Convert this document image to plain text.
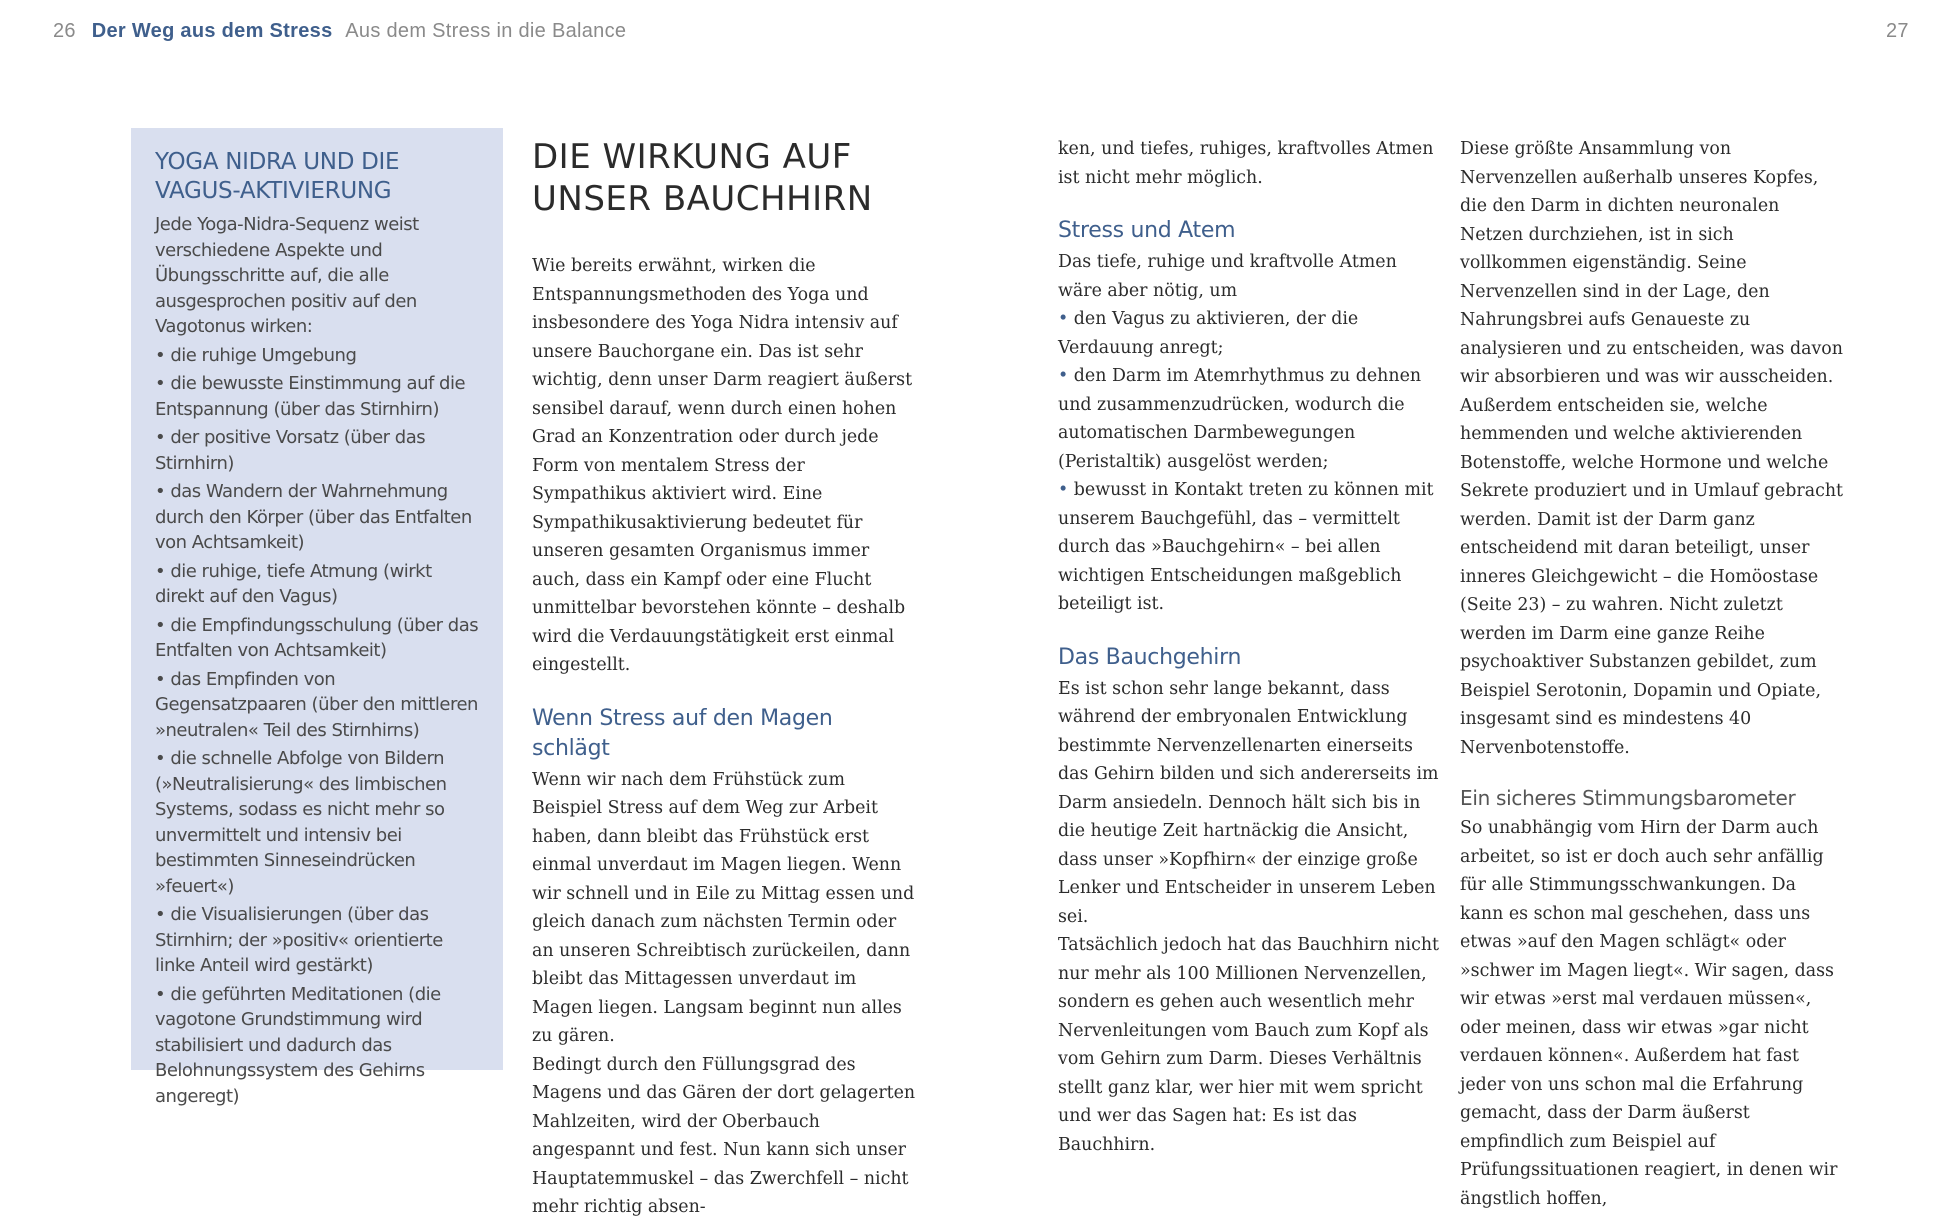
26 Der Weg aus dem Stress Aus dem Stress in die Balance	27
YOGA NIDRA UND DIE
VAGUS-AKTIVIERUNG

Jede Yoga-Nidra-Sequenz weist verschiedene Aspekte und Übungsschritte auf, die alle ausgesprochen positiv auf den Vagotonus wirken:

• die ruhige Umgebung
• die bewusste Einstimmung auf die Entspannung (über das Stirnhirn)
• der positive Vorsatz (über das Stirnhirn)
• das Wandern der Wahrnehmung durch den Körper (über das Entfalten von Achtsamkeit)
• die ruhige, tiefe Atmung (wirkt direkt auf den Vagus)
• die Empfindungsschulung (über das Entfalten von Achtsamkeit)
• das Empfinden von Gegensatzpaaren (über den mittleren »neutralen« Teil des Stirnhirns)
• die schnelle Abfolge von Bildern (»Neutralisierung« des limbischen Systems, sodass es nicht mehr so unvermittelt und intensiv bei bestimmten Sinneseindrücken »feuert«)
• die Visualisierungen (über das Stirnhirn; der »positiv« orientierte linke Anteil wird gestärkt)
• die geführten Meditationen (die vagotone Grundstimmung wird stabilisiert und dadurch das Belohnungssystem des Gehirns angeregt)
DIE WIRKUNG AUF
UNSER BAUCHHIRN

Wie bereits erwähnt, wirken die Entspannungsmethoden des Yoga und insbesondere des Yoga Nidra intensiv auf unsere Bauchorgane ein. Das ist sehr wichtig, denn unser Darm reagiert äußerst sensibel darauf, wenn durch einen hohen Grad an Konzentration oder durch jede Form von mentalem Stress der Sympathikus aktiviert wird. Eine Sympathikusaktivierung bedeutet für unseren gesamten Organismus immer auch, dass ein Kampf oder eine Flucht unmittelbar bevorstehen könnte – deshalb wird die Verdauungstätigkeit erst einmal eingestellt.

Wenn Stress auf den Magen schlägt

Wenn wir nach dem Frühstück zum Beispiel Stress auf dem Weg zur Arbeit haben, dann bleibt das Frühstück erst einmal unverdaut im Magen liegen. Wenn wir schnell und in Eile zu Mittag essen und gleich danach zum nächsten Termin oder an unseren Schreibtisch zurückeilen, dann bleibt das Mittagessen unverdaut im Magen liegen. Langsam beginnt nun alles zu gären.

Bedingt durch den Füllungsgrad des Magens und das Gären der dort gelagerten Mahlzeiten, wird der Oberbauch angespannt und fest. Nun kann sich unser Hauptatemmuskel – das Zwerchfell – nicht mehr richtig absen-

ken, und tiefes, ruhiges, kraftvolles Atmen ist nicht mehr möglich.

Stress und Atem

Das tiefe, ruhige und kraftvolle Atmen wäre aber nötig, um

• den Vagus zu aktivieren, der die Verdauung anregt;

• den Darm im Atemrhythmus zu dehnen und zusammenzudrücken, wodurch die automatischen Darmbewegungen (Peristaltik) ausgelöst werden;

• bewusst in Kontakt treten zu können mit unserem Bauchgefühl, das – vermittelt durch das »Bauchgehirn« – bei allen wichtigen Entscheidungen maßgeblich beteiligt ist.

Das Bauchgehirn

Es ist schon sehr lange bekannt, dass während der embryonalen Entwicklung bestimmte Nervenzellenarten einerseits das Gehirn bilden und sich andererseits im Darm ansiedeln. Dennoch hält sich bis in die heutige Zeit hartnäckig die Ansicht, dass unser »Kopfhirn« der einzige große Lenker und Entscheider in unserem Leben sei.

Tatsächlich jedoch hat das Bauchhirn nicht nur mehr als 100 Millionen Nervenzellen, sondern es gehen auch wesentlich mehr Nervenleitungen vom Bauch zum Kopf als vom Gehirn zum Darm. Dieses Verhältnis stellt ganz klar, wer hier mit wem spricht und wer das Sagen hat: Es ist das Bauchhirn.

Diese größte Ansammlung von Nervenzellen außerhalb unseres Kopfes, die den Darm in dichten neuronalen Netzen durchziehen, ist in sich vollkommen eigenständig. Seine Nervenzellen sind in der Lage, den Nahrungsbrei aufs Genaueste zu analysieren und zu entscheiden, was davon wir absorbieren und was wir ausscheiden. Außerdem entscheiden sie, welche hemmenden und welche aktivierenden Botenstoffe, welche Hormone und welche Sekrete produziert und in Umlauf gebracht werden. Damit ist der Darm ganz entscheidend mit daran beteiligt, unser inneres Gleichgewicht – die Homöostase (Seite 23) – zu wahren. Nicht zuletzt werden im Darm eine ganze Reihe psychoaktiver Substanzen gebildet, zum Beispiel Serotonin, Dopamin und Opiate, insgesamt sind es mindestens 40 Nervenbotenstoffe.

Ein sicheres Stimmungsbarometer

So unabhängig vom Hirn der Darm auch arbeitet, so ist er doch auch sehr anfällig für alle Stimmungsschwankungen. Da kann es schon mal geschehen, dass uns etwas »auf den Magen schlägt« oder »schwer im Magen liegt«. Wir sagen, dass wir etwas »erst mal verdauen müssen«, oder meinen, dass wir etwas »gar nicht verdauen können«. Außerdem hat fast jeder von uns schon mal die Erfahrung gemacht, dass der Darm äußerst empfindlich zum Beispiel auf Prüfungssituationen reagiert, in denen wir ängstlich hoffen,
